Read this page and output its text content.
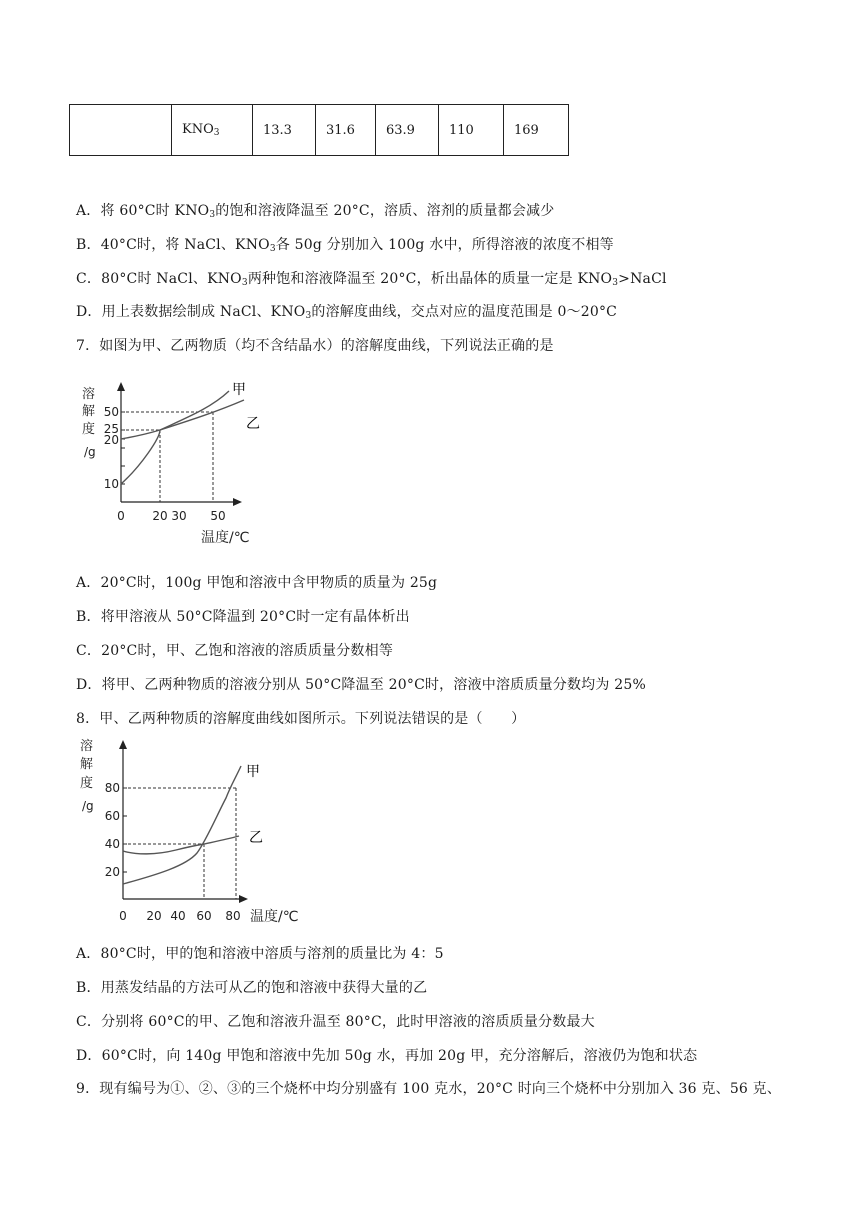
	$KNO_3$	13.3	31.6	63.9	110	169
A．将 60°C时 $KNO_3$的饱和溶液降温至 20°C，溶质、溶剂的质量都会减少
B．40°C时，将 NaCl、$KNO_3$各 50g 分别加入 100g 水中，所得溶液的浓度不相等
C．80°C时 NaCl、$KNO_3$两种饱和溶液降温至 20°C，析出晶体的质量一定是 $KNO_3>NaCl$
D．用上表数据绘制成 NaCl、$KNO_3$的溶解度曲线，交点对应的温度范围是 0～20°C
7．如图为甲、乙两物质（均不含结晶水）的溶解度曲线，下列说法正确的是
溶
解
度
/g
甲
乙
50
25
20
10
0 20 30 50
温度/℃
A．20°C时，100g 甲饱和溶液中含甲物质的质量为 25g
B．将甲溶液从 50°C降温到 20°C时一定有晶体析出
C．20°C时，甲、乙饱和溶液的溶质质量分数相等
D．将甲、乙两种物质的溶液分别从 50°C降温至 20°C时，溶液中溶质质量分数均为 25%
8．甲、乙两种物质的溶解度曲线如图所示。下列说法错误的是（　　）
溶
解
度
/g
甲
乙
80
60
40
20
0 20 40 60 80 温度/℃
A．80°C时，甲的饱和溶液中溶质与溶剂的质量比为 4：5
B．用蒸发结晶的方法可从乙的饱和溶液中获得大量的乙
C．分别将 60°C的甲、乙饱和溶液升温至 80°C，此时甲溶液的溶质质量分数最大
D．60°C时，向 140g 甲饱和溶液中先加 50g 水，再加 20g 甲，充分溶解后，溶液仍为饱和状态
9．现有编号为①、②、③的三个烧杯中均分别盛有 100 克水，20°C 时向三个烧杯中分别加入 36 克、56 克、
